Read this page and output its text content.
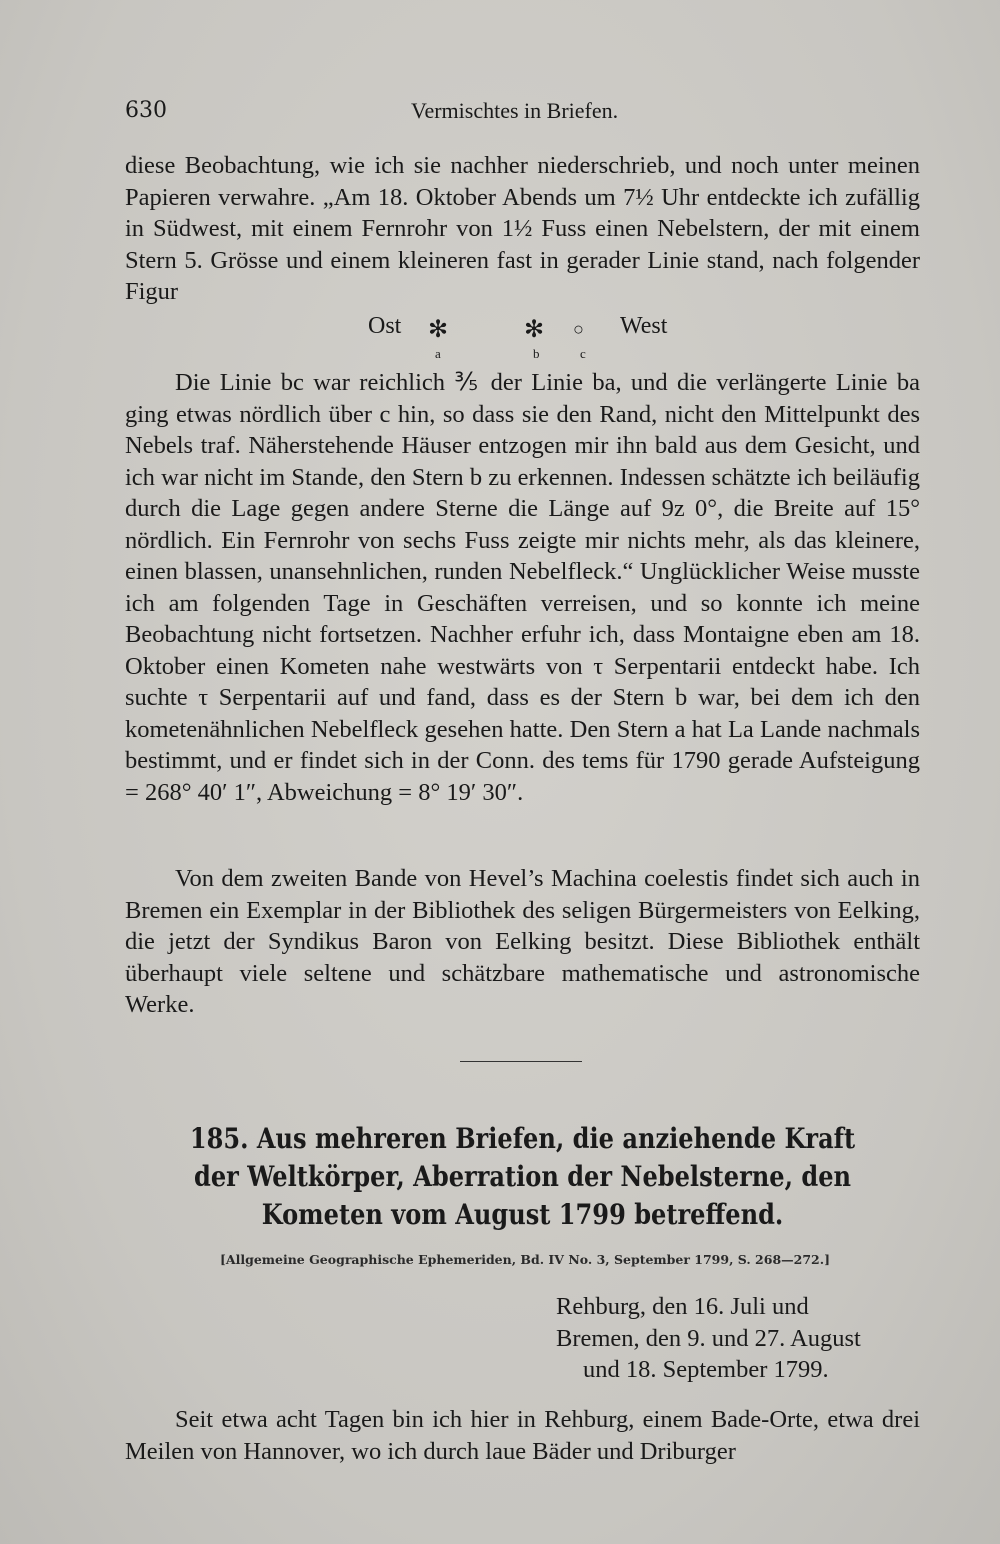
630	Vermischtes in Briefen.

diese Beobachtung, wie ich sie nachher niederschrieb, und noch unter meinen Papieren verwahre. „Am 18. Oktober Abends um 7½ Uhr entdeckte ich zufällig in Südwest, mit einem Fernrohr von 1½ Fuss einen Nebelstern, der mit einem Stern 5. Grösse und einem kleineren fast in gerader Linie stand, nach folgender Figur

Ost ✻	✻ ○ West
a	b	c

Die Linie bc war reichlich ⅗ der Linie ba, und die verlängerte Linie ba ging etwas nördlich über c hin, so dass sie den Rand, nicht den Mittelpunkt des Nebels traf. Näherstehende Häuser entzogen mir ihn bald aus dem Gesicht, und ich war nicht im Stande, den Stern b zu erkennen. Indessen schätzte ich beiläufig durch die Lage gegen andere Sterne die Länge auf 9z 0°, die Breite auf 15° nördlich. Ein Fernrohr von sechs Fuss zeigte mir nichts mehr, als das kleinere, einen blassen, unansehnlichen, runden Nebelfleck.“ Unglücklicher Weise musste ich am folgenden Tage in Geschäften verreisen, und so konnte ich meine Beobachtung nicht fortsetzen. Nachher erfuhr ich, dass Montaigne eben am 18. Oktober einen Kometen nahe westwärts von τ Serpentarii entdeckt habe. Ich suchte τ Serpentarii auf und fand, dass es der Stern b war, bei dem ich den kometenähnlichen Nebelfleck gesehen hatte. Den Stern a hat La Lande nachmals bestimmt, und er findet sich in der Conn. des tems für 1790 gerade Aufsteigung = 268° 40′ 1″, Abweichung = 8° 19′ 30″.

Von dem zweiten Bande von Hevel’s Machina coelestis findet sich auch in Bremen ein Exemplar in der Bibliothek des seligen Bürgermeisters von Eelking, die jetzt der Syndikus Baron von Eelking besitzt. Diese Bibliothek enthält überhaupt viele seltene und schätzbare mathematische und astronomische Werke.

185. Aus mehreren Briefen, die anziehende Kraft der Weltkörper, Aberration der Nebelsterne, den Kometen vom August 1799 betreffend.
[Allgemeine Geographische Ephemeriden, Bd. IV No. 3, September 1799, S. 268—272.]
Rehburg, den 16. Juli und
Bremen, den 9. und 27. August
und 18. September 1799.

Seit etwa acht Tagen bin ich hier in Rehburg, einem Bade-Orte, etwa drei Meilen von Hannover, wo ich durch laue Bäder und Driburger
